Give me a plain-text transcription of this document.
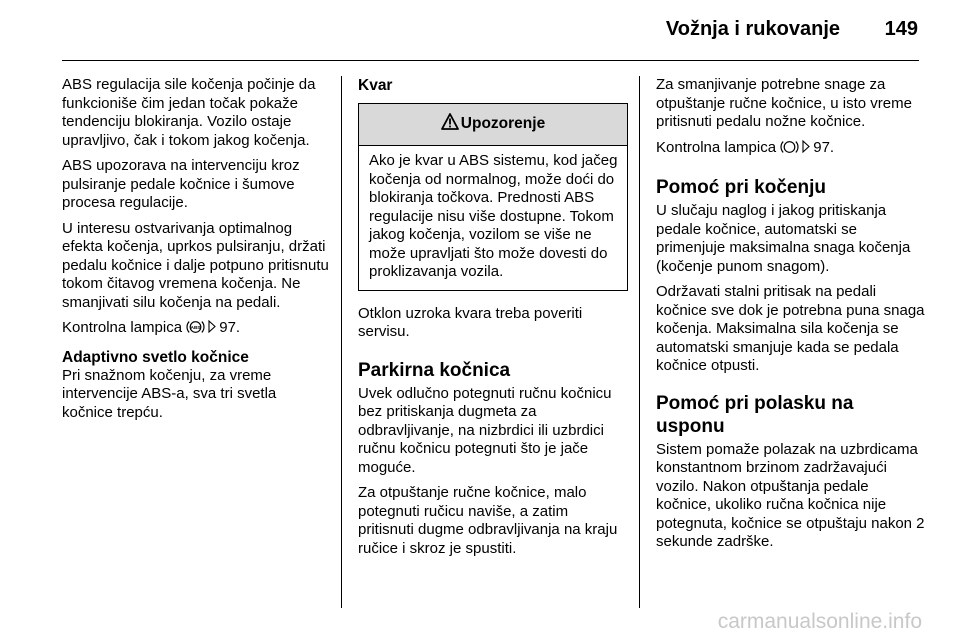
Vožnja i rukovanje 149

ABS regulacija sile kočenja počinje da funkcioniše čim jedan točak pokaže tendenciju blokiranja. Vozilo ostaje upravljivo, čak i tokom jakog kočenja.

ABS upozorava na intervenciju kroz pulsiranje pedale kočnice i šumove procesa regulacije.

U interesu ostvarivanja optimalnog efekta kočenja, uprkos pulsiranju, držati pedalu kočnice i dalje potpuno pritisnutu tokom čitavog vremena kočenja. Ne smanjivati silu kočenja na pedali.

Kontrolna lampica ABS 97.

Adaptivno svetlo kočnice

Pri snažnom kočenju, za vreme intervencije ABS-a, sva tri svetla kočnice trepću.

Kvar
Upozorenje
Ako je kvar u ABS sistemu, kod jačeg kočenja od normalnog, može doći do blokiranja točkova. Prednosti ABS regulacije nisu više dostupne. Tokom jakog kočenja, vozilom se više ne može upravljati što može dovesti do proklizavanja vozila.

Otklon uzroka kvara treba poveriti servisu.

Parkirna kočnica

Uvek odlučno potegnuti ručnu kočnicu bez pritiskanja dugmeta za odbravljivanje, na nizbrdici ili uzbrdici ručnu kočnicu potegnuti što je jače moguće.

Za otpuštanje ručne kočnice, malo potegnuti ručicu naviše, a zatim pritisnuti dugme odbravljivanja na kraju ručice i skroz je spustiti.

Za smanjivanje potrebne snage za otpuštanje ručne kočnice, u isto vreme pritisnuti pedalu nožne kočnice.

Kontrolna lampica 97.

Pomoć pri kočenju

U slučaju naglog i jakog pritiskanja pedale kočnice, automatski se primenjuje maksimalna snaga kočenja (kočenje punom snagom).

Održavati stalni pritisak na pedali kočnice sve dok je potrebna puna snaga kočenja. Maksimalna sila kočenja se automatski smanjuje kada se pedala kočnice otpusti.

Pomoć pri polasku na usponu

Sistem pomaže polazak na uzbrdicama konstantnom brzinom zadržavajući vozilo. Nakon otpuštanja pedale kočnice, ukoliko ručna kočnica nije potegnuta, kočnice se otpuštaju nakon 2 sekunde zadrške.

carmanualsonline.info
